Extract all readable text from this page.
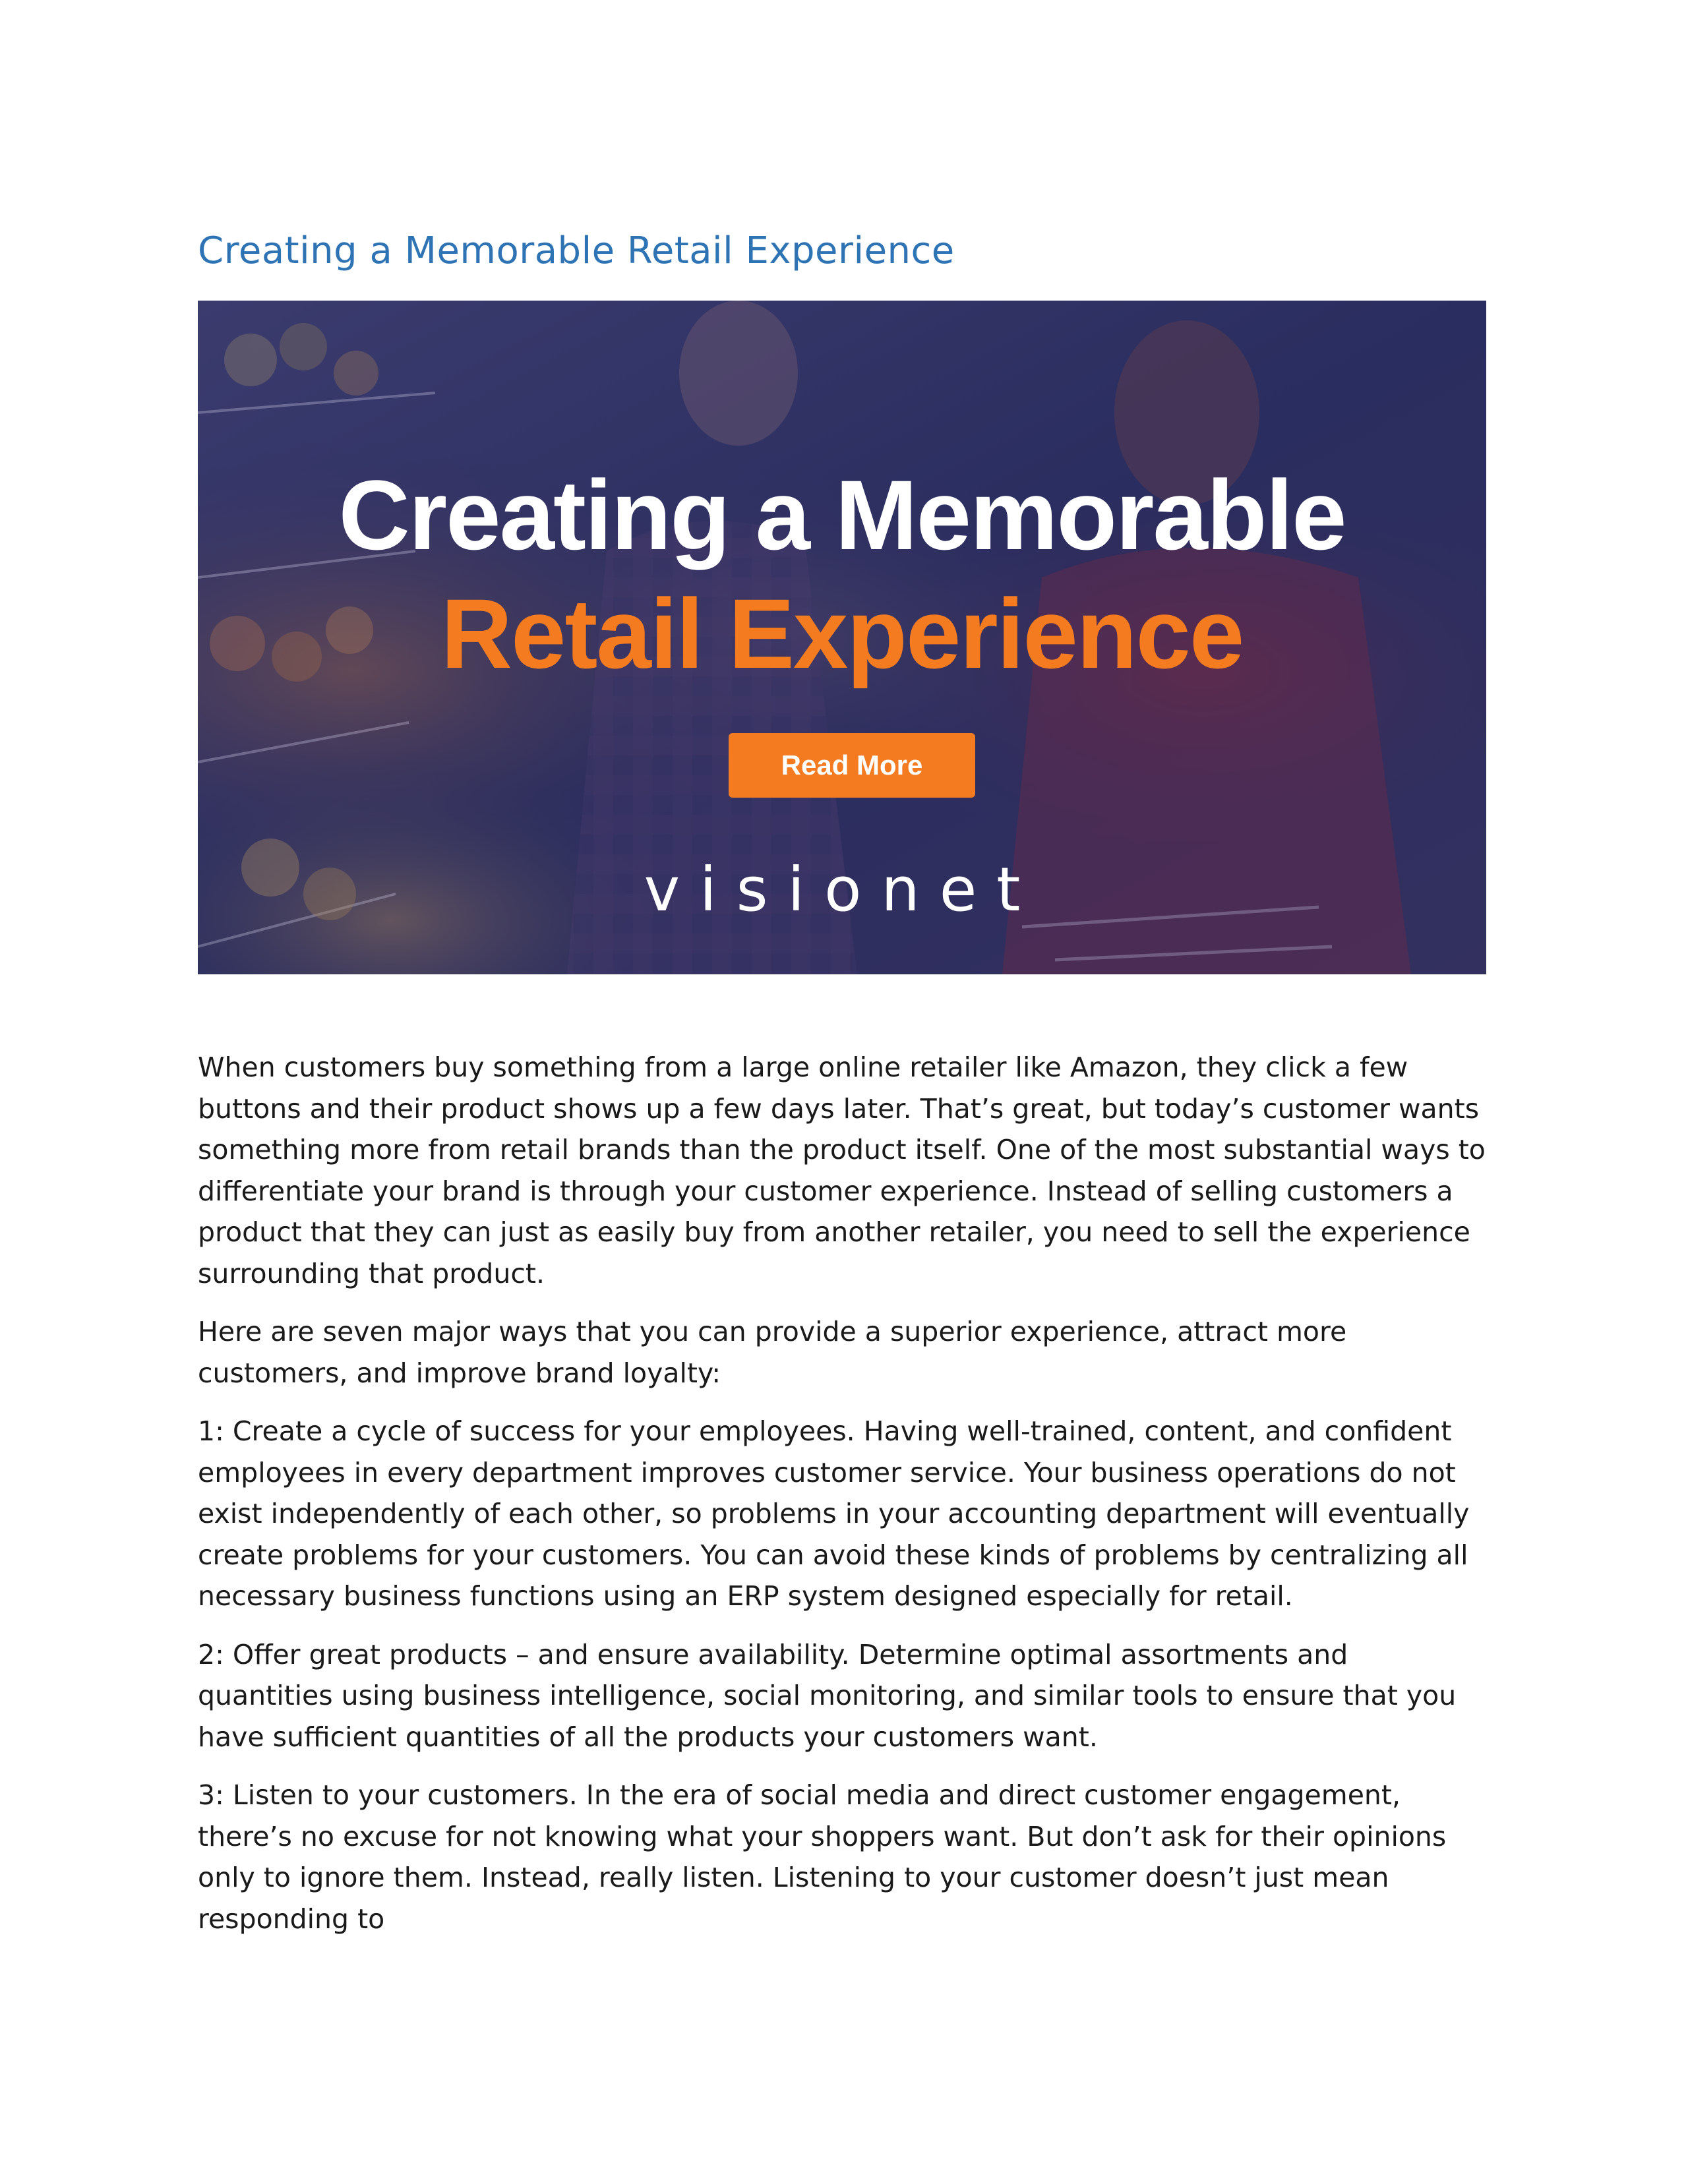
Creating a Memorable Retail Experience
Creating a Memorable
Retail Experience
Read More
visionet

When customers buy something from a large online retailer like Amazon, they click a few buttons and their product shows up a few days later. That’s great, but today’s customer wants something more from retail brands than the product itself. One of the most substantial ways to differentiate your brand is through your customer experience. Instead of selling customers a product that they can just as easily buy from another retailer, you need to sell the experience surrounding that product.

Here are seven major ways that you can provide a superior experience, attract more customers, and improve brand loyalty:

1: Create a cycle of success for your employees. Having well-trained, content, and confident employees in every department improves customer service. Your business operations do not exist independently of each other, so problems in your accounting department will eventually create problems for your customers. You can avoid these kinds of problems by centralizing all necessary business functions using an ERP system designed especially for retail.

2: Offer great products – and ensure availability. Determine optimal assortments and quantities using business intelligence, social monitoring, and similar tools to ensure that you have sufficient quantities of all the products your customers want.

3: Listen to your customers. In the era of social media and direct customer engagement, there’s no excuse for not knowing what your shoppers want. But don’t ask for their opinions only to ignore them. Instead, really listen. Listening to your customer doesn’t just mean responding to
